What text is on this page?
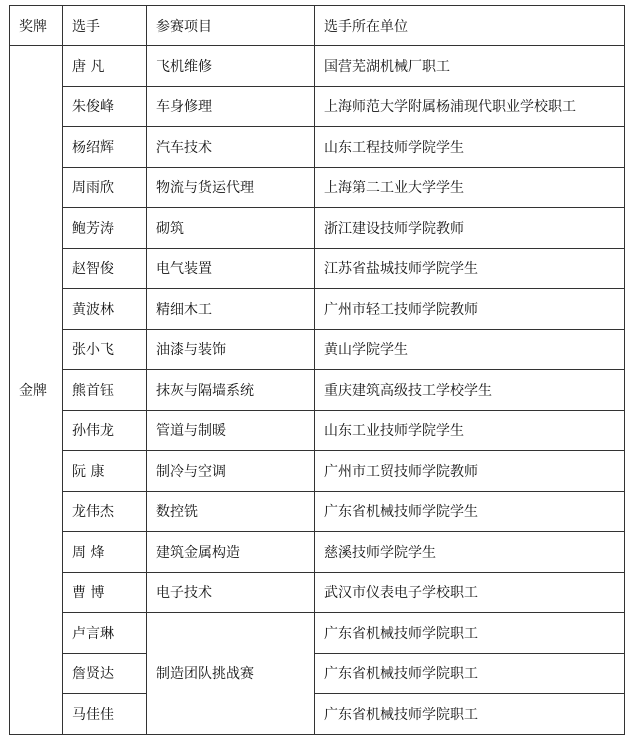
奖牌	选手	参赛项目	选手所在单位
金牌	唐 凡	飞机维修	国营芜湖机械厂职工
	朱俊峰	车身修理	上海师范大学附属杨浦现代职业学校职工
	杨绍辉	汽车技术	山东工程技师学院学生
	周雨欣	物流与货运代理	上海第二工业大学学生
	鲍芳涛	砌筑	浙江建设技师学院教师
	赵智俊	电气装置	江苏省盐城技师学院学生
	黄波林	精细木工	广州市轻工技师学院教师
	张小飞	油漆与装饰	黄山学院学生
	熊首钰	抹灰与隔墙系统	重庆建筑高级技工学校学生
	孙伟龙	管道与制暖	山东工业技师学院学生
	阮 康	制冷与空调	广州市工贸技师学院教师
	龙伟杰	数控铣	广东省机械技师学院学生
	周 烽	建筑金属构造	慈溪技师学院学生
	曹 博	电子技术	武汉市仪表电子学校职工
	卢言琳	制造团队挑战赛	广东省机械技师学院职工
	詹贤达		广东省机械技师学院职工
	马佳佳		广东省机械技师学院职工
